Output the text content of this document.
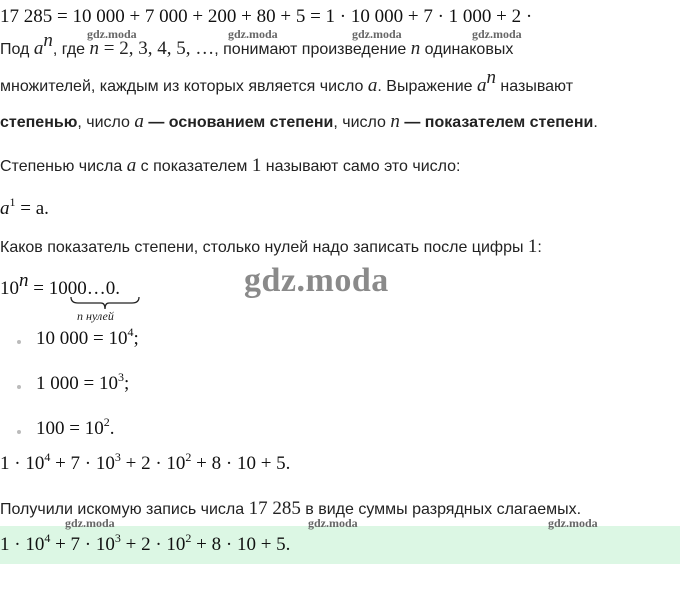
17 285 = 10 000 + 7 000 + 200 + 80 + 5 = 1 · 10 000 + 7 · 1 000 + 2 ·
gdz.moda	gdz.moda	gdz.moda	gdz.moda
Под $a^n$, где n = 2, 3, 4, 5, …, понимают произведение n одинаковых
множителей, каждым из которых является число a. Выражение $a^n$ называют
степенью, число a — основанием степени, число n — показателем степени.
Степенью числа a с показателем 1 называют само это число:
$a^1 = a$.
Каков показатель степени, столько нулей надо записать после цифры 1:
gdz.moda
$10^n$ = 1000…0.
n нулей
10 $000 = 10^4$;
1 $000 = 10^3$;
$100 = 10^2$.
$1 \cdot 10^4 + 7 \cdot 10^3 + 2 \cdot 10^2 + 8 \cdot 10 + 5$.
Получили искомую запись числа 17 285 в виде суммы разрядных слагаемых.
gdz.moda	gdz.moda	gdz.moda
$1 \cdot 10^4 + 7 \cdot 10^3 + 2 \cdot 10^2 + 8 \cdot 10 + 5$.
